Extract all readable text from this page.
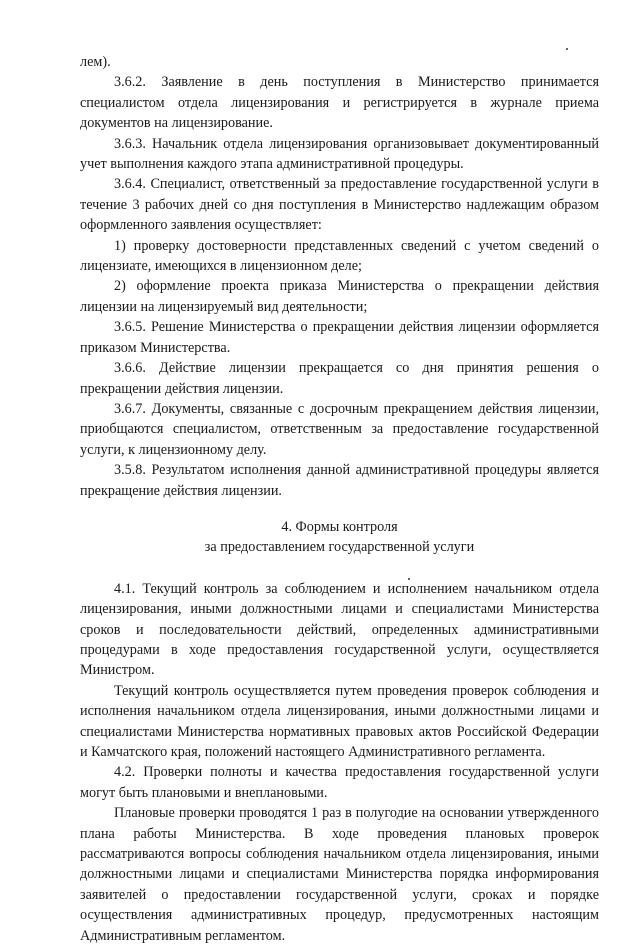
лем).

3.6.2. Заявление в день поступления в Министерство принимается специалистом отдела лицензирования и регистрируется в журнале приема документов на лицензирование.

3.6.3. Начальник отдела лицензирования организовывает документированный учет выполнения каждого этапа административной процедуры.

3.6.4. Специалист, ответственный за предоставление государственной услуги в течение 3 рабочих дней со дня поступления в Министерство надлежащим образом оформленного заявления осуществляет:

1) проверку достоверности представленных сведений с учетом сведений о лицензиате, имеющихся в лицензионном деле;

2) оформление проекта приказа Министерства о прекращении действия лицензии на лицензируемый вид деятельности;

3.6.5. Решение Министерства о прекращении действия лицензии оформляется приказом Министерства.

3.6.6. Действие лицензии прекращается со дня принятия решения о прекращении действия лицензии.

3.6.7. Документы, связанные с досрочным прекращением действия лицензии, приобщаются специалистом, ответственным за предоставление государственной услуги, к лицензионному делу.

3.5.8. Результатом исполнения данной административной процедуры является прекращение действия лицензии.

4. Формы контроля

за предоставлением государственной услуги

4.1. Текущий контроль за соблюдением и исполнением начальником отдела лицензирования, иными должностными лицами и специалистами Министерства сроков и последовательности действий, определенных административными процедурами в ходе предоставления государственной услуги, осуществляется Министром.

Текущий контроль осуществляется путем проведения проверок соблюдения и исполнения начальником отдела лицензирования, иными должностными лицами и специалистами Министерства нормативных правовых актов Российской Федерации и Камчатского края, положений настоящего Административного регламента.

4.2. Проверки полноты и качества предоставления государственной услуги могут быть плановыми и внеплановыми.

Плановые проверки проводятся 1 раз в полугодие на основании утвержденного плана работы Министерства. В ходе проведения плановых проверок рассматриваются вопросы соблюдения начальником отдела лицензирования, иными должностными лицами и специалистами Министерства порядка информирования заявителей о предоставлении государственной услуги, сроках и порядке осуществления административных процедур, предусмотренных настоящим Административным регламентом.
